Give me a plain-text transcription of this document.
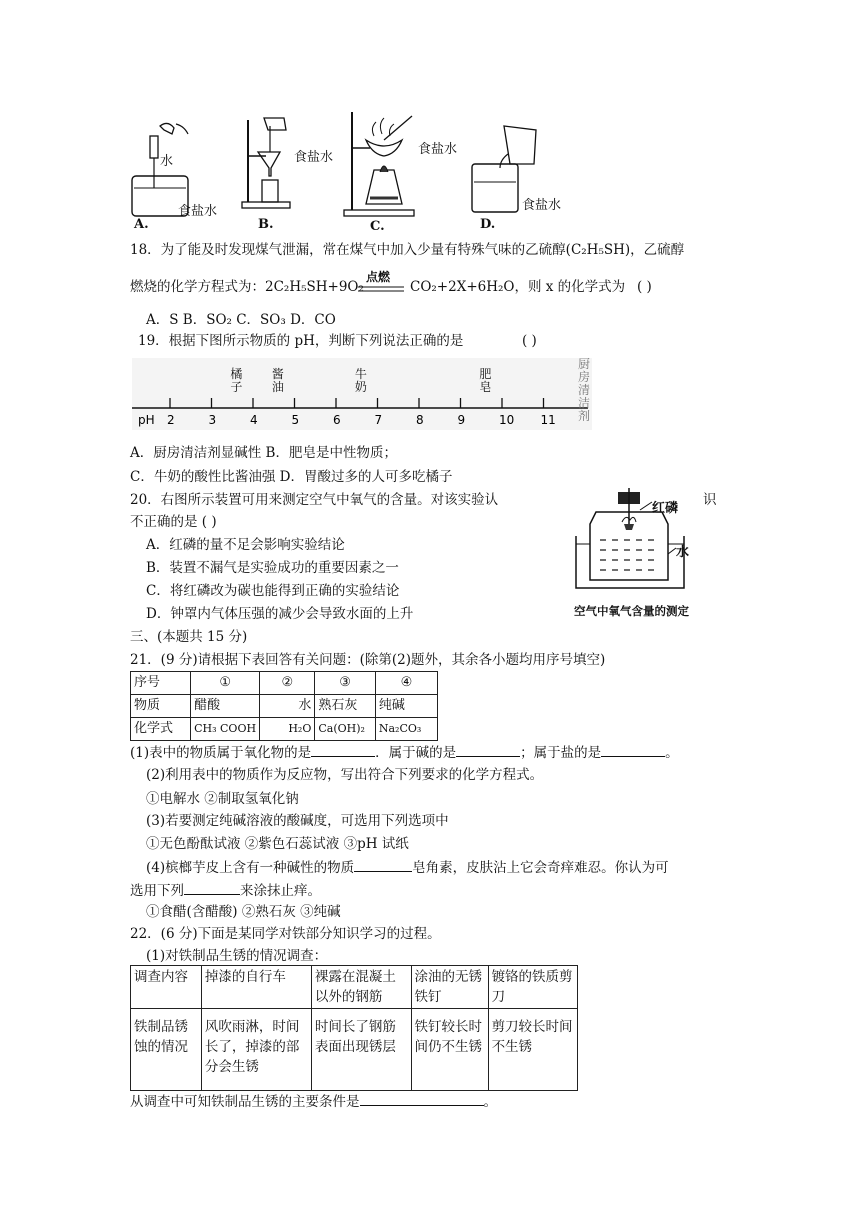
水
食盐水
A.
食盐水
B.
食盐水
C.
食盐水
D.
18．为了能及时发现煤气泄漏，常在煤气中加入少量有特殊气味的乙硫醇(C₂H₅SH)，乙硫醇
燃烧的化学方程式为：2C₂H₅SH+9O₂
点燃
CO₂+2X+6H₂O，则 x 的化学式为 ( )
A．S B．SO₂ C．SO₃ D．CO
19．根据下图所示物质的 pH，判断下列说法正确的是	( )
pH 2	3	4	5	6	7	8	9	10 11
橘子
酱油
牛奶
肥皂
厨房清洁剂
A．厨房清洁剂显碱性 B．肥皂是中性物质；
C．牛奶的酸性比酱油强 D．胃酸过多的人可多吃橘子
20．右图所示装置可用来测定空气中氧气的含量。对该实验认	识
不正确的是 ( )
A．红磷的量不足会影响实验结论
B．装置不漏气是实验成功的重要因素之一
C．将红磷改为碳也能得到正确的实验结论
D．钟罩内气体压强的减少会导致水面的上升
红磷
水
空气中氧气含量的测定
三、(本题共 15 分)
21．(9 分)请根据下表回答有关问题：(除第(2)题外，其余各小题均用序号填空)
序号	①	②	③	④
物质	醋酸	水	熟石灰	纯碱
化学式	CH₃ COOH	H₂O	Ca(OH)₂	Na₂CO₃
(1)表中的物质属于氧化物的是	．属于碱的是	；属于盐的是	。
(2)利用表中的物质作为反应物，写出符合下列要求的化学方程式。
①电解水 ②制取氢氧化钠
(3)若要测定纯碱溶液的酸碱度，可选用下列选项中
①无色酚酞试液 ②紫色石蕊试液 ③pH 试纸
(4)槟榔芋皮上含有一种碱性的物质	皂角素，皮肤沾上它会奇痒难忍。你认为可
选用下列	来涂抹止痒。
①食醋(含醋酸) ②熟石灰 ③纯碱
22．(6 分)下面是某同学对铁部分知识学习的过程。
(1)对铁制品生锈的情况调查：
调查内容	掉漆的自行车	裸露在混凝土以外的钢筋	涂油的无锈铁钉	镀铬的铁质剪刀
铁制品锈蚀的情况	风吹雨淋，时间长了，掉漆的部分会生锈	时间长了钢筋表面出现锈层	铁钉较长时间仍不生锈	剪刀较长时间不生锈
从调查中可知铁制品生锈的主要条件是	。
